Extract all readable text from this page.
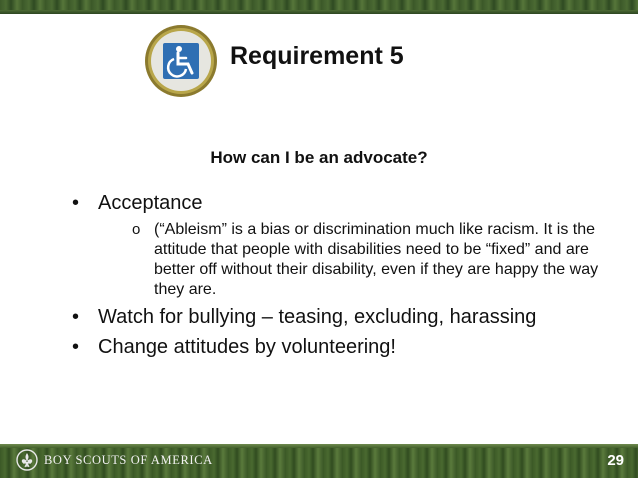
Requirement 5
How can I be an advocate?
• Acceptance
o (“Ableism” is a bias or discrimination much like racism. It is the attitude that people with disabilities need to be “fixed” and are better off without their disability, even if they are happy the way they are.
• Watch for bullying – teasing, excluding, harassing
• Change attitudes by volunteering!
BOY SCOUTS OF AMERICA	29
